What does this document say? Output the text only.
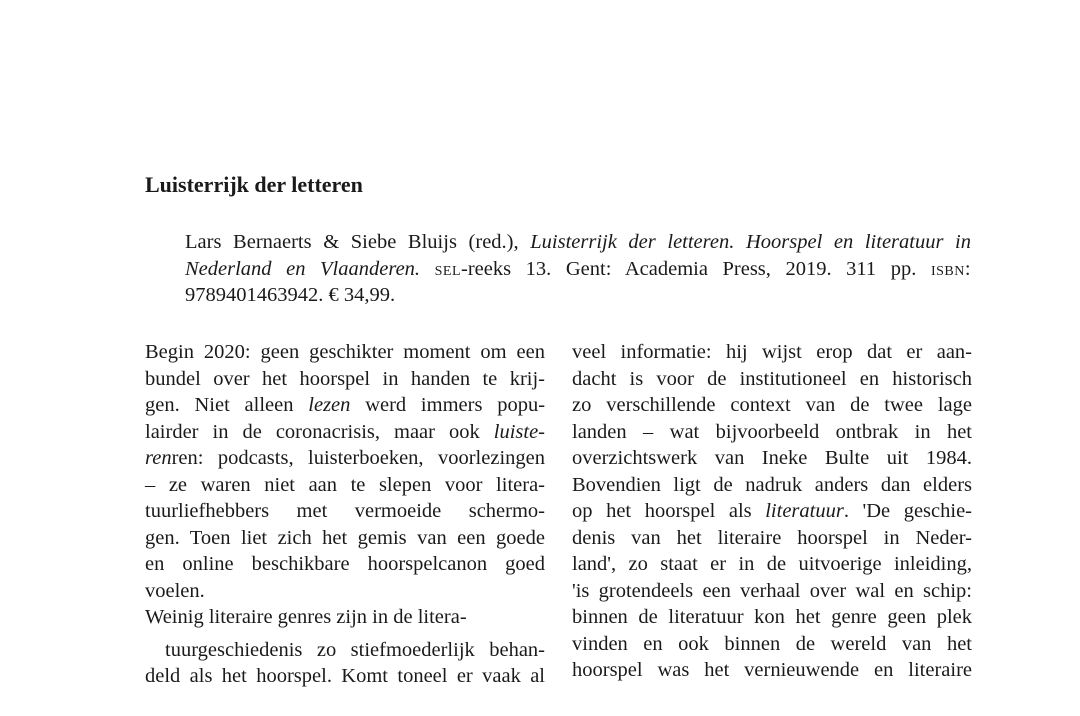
Luisterrijk der letteren
Lars Bernaerts & Siebe Bluijs (red.), Luisterrijk der letteren. Hoorspel en literatuur in
Nederland en Vlaanderen. sel-reeks 13. Gent: Academia Press, 2019. 311 pp. isbn:
9789401463942. € 34,99.
Begin 2020: geen geschikter moment om een
bundel over het hoorspel in handen te krij-
gen. Niet alleen lezen werd immers popu-
lairder in de coronacrisis, maar ook luiste-
renren: podcasts, luisterboeken, voorlezingen
– ze waren niet aan te slepen voor litera-
tuurliefhebbers met vermoeide schermo-
gen. Toen liet zich het gemis van een goede
en online beschikbare hoorspelcanon goed
voelen.
Weinig literaire genres zijn in de litera-
tuurgeschiedenis zo stiefmoederlijk behan-
deld als het hoorspel. Komt toneel er vaak al
veel informatie: hij wijst erop dat er aan-
dacht is voor de institutioneel en historisch
zo verschillende context van de twee lage
landen – wat bijvoorbeeld ontbrak in het
overzichtswerk van Ineke Bulte uit 1984.
Bovendien ligt de nadruk anders dan elders
op het hoorspel als literatuur. 'De geschie-
denis van het literaire hoorspel in Neder-
land', zo staat er in de uitvoerige inleiding,
'is grotendeels een verhaal over wal en schip:
binnen de literatuur kon het genre geen plek
vinden en ook binnen de wereld van het
hoorspel was het vernieuwende en literaire
